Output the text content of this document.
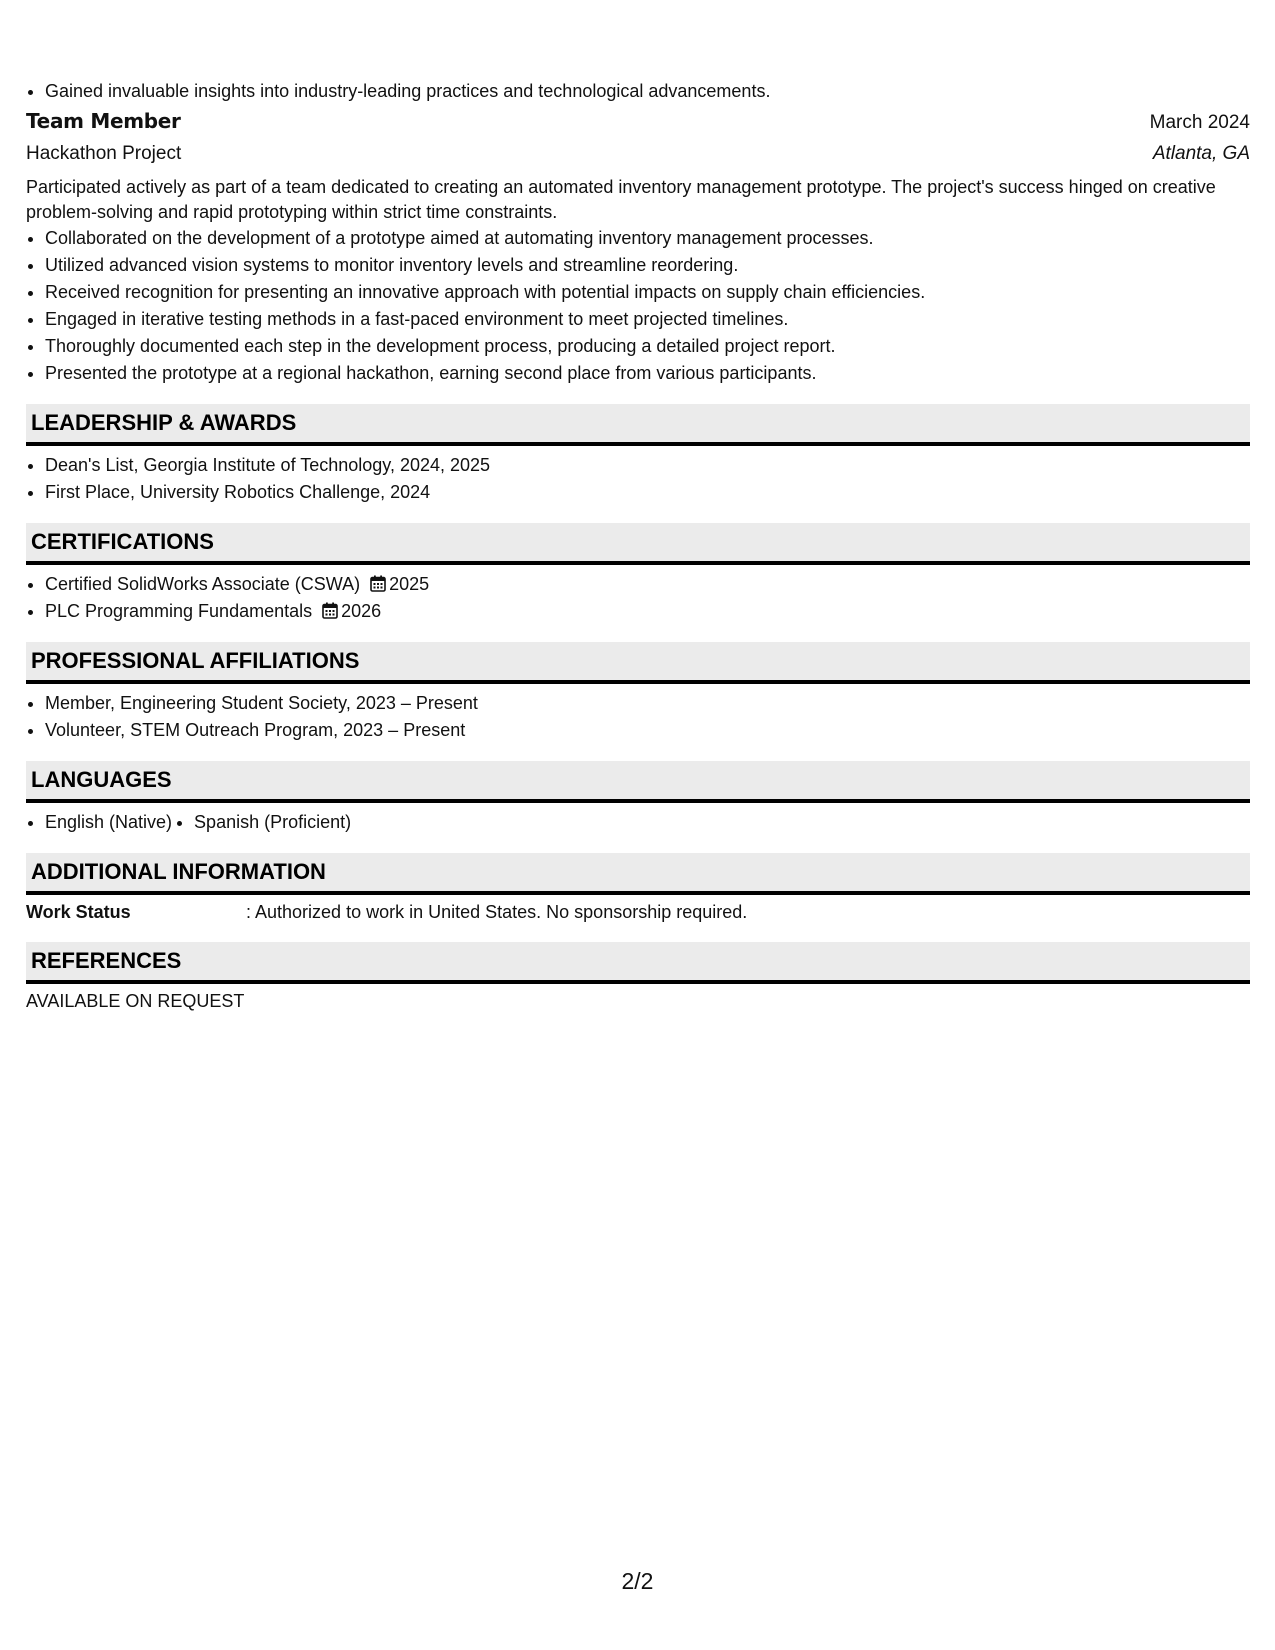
• Gained invaluable insights into industry-leading practices and technological advancements.
Team Member	March 2024
Hackathon Project	Atlanta, GA

Participated actively as part of a team dedicated to creating an automated inventory management prototype. The project's success hinged on creative problem-solving and rapid prototyping within strict time constraints.

• Collaborated on the development of a prototype aimed at automating inventory management processes.
• Utilized advanced vision systems to monitor inventory levels and streamline reordering.
• Received recognition for presenting an innovative approach with potential impacts on supply chain efficiencies.
• Engaged in iterative testing methods in a fast-paced environment to meet projected timelines.
• Thoroughly documented each step in the development process, producing a detailed project report.
• Presented the prototype at a regional hackathon, earning second place from various participants.
LEADERSHIP & AWARDS
• Dean's List, Georgia Institute of Technology, 2024, 2025
• First Place, University Robotics Challenge, 2024
CERTIFICATIONS
• Certified SolidWorks Associate (CSWA) 2025
• PLC Programming Fundamentals 2026
PROFESSIONAL AFFILIATIONS
• Member, Engineering Student Society, 2023 – Present
• Volunteer, STEM Outreach Program, 2023 – Present
LANGUAGES
• English (Native)
• Spanish (Proficient)
ADDITIONAL INFORMATION
Work Status	: Authorized to work in United States. No sponsorship required.
REFERENCES
AVAILABLE ON REQUEST
2/2
